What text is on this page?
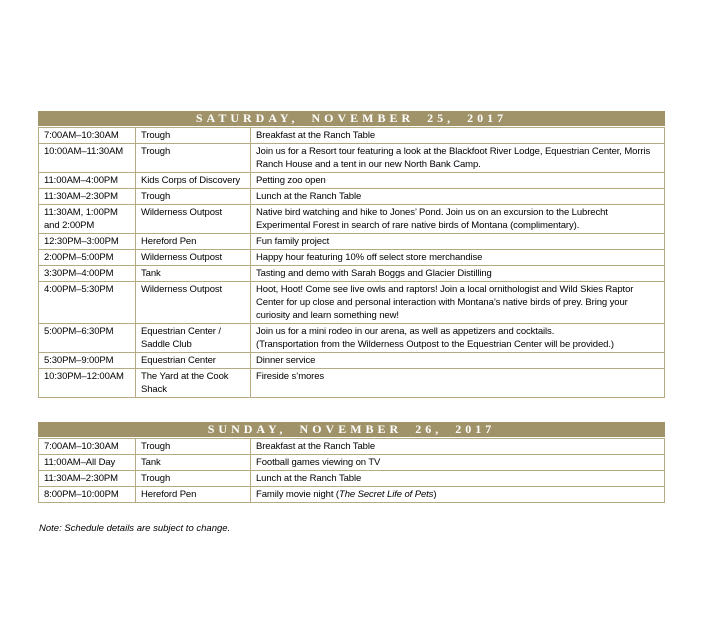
SATURDAY, NOVEMBER 25, 2017
7:00AM–10:30AM	Trough	Breakfast at the Ranch Table
10:00AM–11:30AM	Trough	Join us for a Resort tour featuring a look at the Blackfoot River Lodge, Equestrian Center, Morris Ranch House and a tent in our new North Bank Camp.
11:00AM–4:00PM	Kids Corps of Discovery	Petting zoo open
11:30AM–2:30PM	Trough	Lunch at the Ranch Table
11:30AM, 1:00PM and 2:00PM	Wilderness Outpost	Native bird watching and hike to Jones’ Pond. Join us on an excursion to the Lubrecht Experimental Forest in search of rare native birds of Montana (complimentary).
12:30PM–3:00PM	Hereford Pen	Fun family project
2:00PM–5:00PM	Wilderness Outpost	Happy hour featuring 10% off select store merchandise
3:30PM–4:00PM	Tank	Tasting and demo with Sarah Boggs and Glacier Distilling
4:00PM–5:30PM	Wilderness Outpost	Hoot, Hoot! Come see live owls and raptors! Join a local ornithologist and Wild Skies Raptor Center for up close and personal interaction with Montana’s native birds of prey. Bring your curiosity and learn something new!
5:00PM–6:30PM	Equestrian Center / Saddle Club	Join us for a mini rodeo in our arena, as well as appetizers and cocktails.
(Transportation from the Wilderness Outpost to the Equestrian Center will be provided.)
5:30PM–9:00PM	Equestrian Center	Dinner service
10:30PM–12:00AM	The Yard at the Cook Shack	Fireside s’mores
SUNDAY, NOVEMBER 26, 2017
7:00AM–10:30AM	Trough	Breakfast at the Ranch Table
11:00AM–All Day	Tank	Football games viewing on TV
11:30AM–2:30PM	Trough	Lunch at the Ranch Table
8:00PM–10:00PM	Hereford Pen	Family movie night (The Secret Life of Pets)
Note: Schedule details are subject to change.
